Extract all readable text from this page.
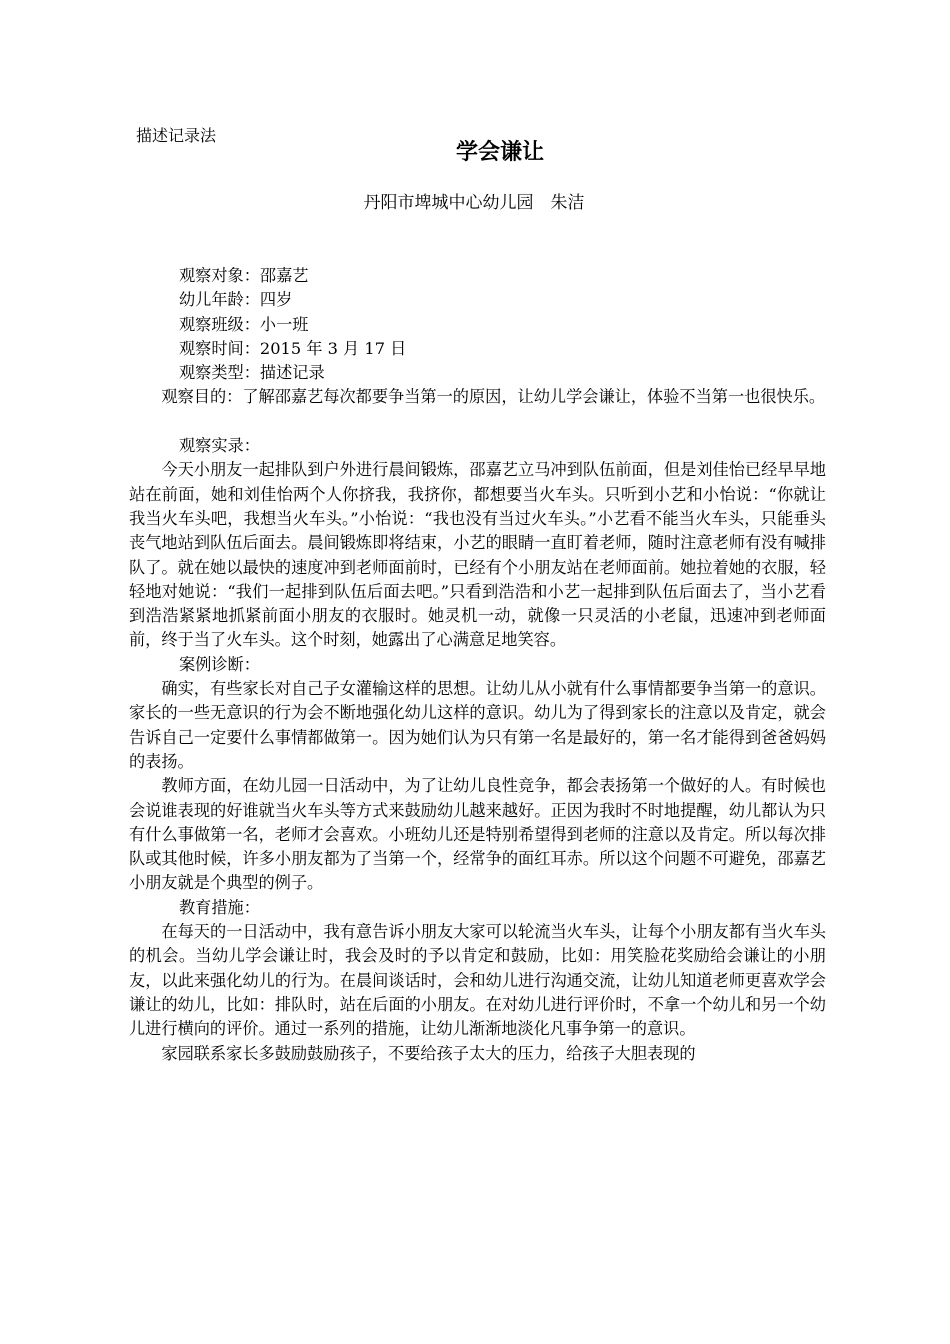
描述记录法
学会谦让
丹阳市埤城中心幼儿园　朱洁

观察对象：邵嘉艺

幼儿年龄：四岁

观察班级：小一班

观察时间：2015 年 3 月 17 日

观察类型：描述记录

观察目的：了解邵嘉艺每次都要争当第一的原因，让幼儿学会谦让，体验不当第一也很快乐。

观察实录：

今天小朋友一起排队到户外进行晨间锻炼，邵嘉艺立马冲到队伍前面，但是刘佳怡已经早早地站在前面，她和刘佳怡两个人你挤我，我挤你，都想要当火车头。只听到小艺和小怡说：“你就让我当火车头吧，我想当火车头。”小怡说：“我也没有当过火车头。”小艺看不能当火车头，只能垂头丧气地站到队伍后面去。晨间锻炼即将结束，小艺的眼睛一直盯着老师，随时注意老师有没有喊排队了。就在她以最快的速度冲到老师面前时，已经有个小朋友站在老师面前。她拉着她的衣服，轻轻地对她说：“我们一起排到队伍后面去吧。”只看到浩浩和小艺一起排到队伍后面去了，当小艺看到浩浩紧紧地抓紧前面小朋友的衣服时。她灵机一动，就像一只灵活的小老鼠，迅速冲到老师面前，终于当了火车头。这个时刻，她露出了心满意足地笑容。

案例诊断：

确实，有些家长对自己子女灌输这样的思想。让幼儿从小就有什么事情都要争当第一的意识。家长的一些无意识的行为会不断地强化幼儿这样的意识。幼儿为了得到家长的注意以及肯定，就会告诉自己一定要什么事情都做第一。因为她们认为只有第一名是最好的，第一名才能得到爸爸妈妈的表扬。

教师方面，在幼儿园一日活动中，为了让幼儿良性竞争，都会表扬第一个做好的人。有时候也会说谁表现的好谁就当火车头等方式来鼓励幼儿越来越好。正因为我时不时地提醒，幼儿都认为只有什么事做第一名，老师才会喜欢。小班幼儿还是特别希望得到老师的注意以及肯定。所以每次排队或其他时候，许多小朋友都为了当第一个，经常争的面红耳赤。所以这个问题不可避免，邵嘉艺小朋友就是个典型的例子。

教育措施：

在每天的一日活动中，我有意告诉小朋友大家可以轮流当火车头，让每个小朋友都有当火车头的机会。当幼儿学会谦让时，我会及时的予以肯定和鼓励，比如：用笑脸花奖励给会谦让的小朋友，以此来强化幼儿的行为。在晨间谈话时，会和幼儿进行沟通交流，让幼儿知道老师更喜欢学会谦让的幼儿，比如：排队时，站在后面的小朋友。在对幼儿进行评价时，不拿一个幼儿和另一个幼儿进行横向的评价。通过一系列的措施，让幼儿渐渐地淡化凡事争第一的意识。

家园联系家长多鼓励鼓励孩子，不要给孩子太大的压力，给孩子大胆表现的
